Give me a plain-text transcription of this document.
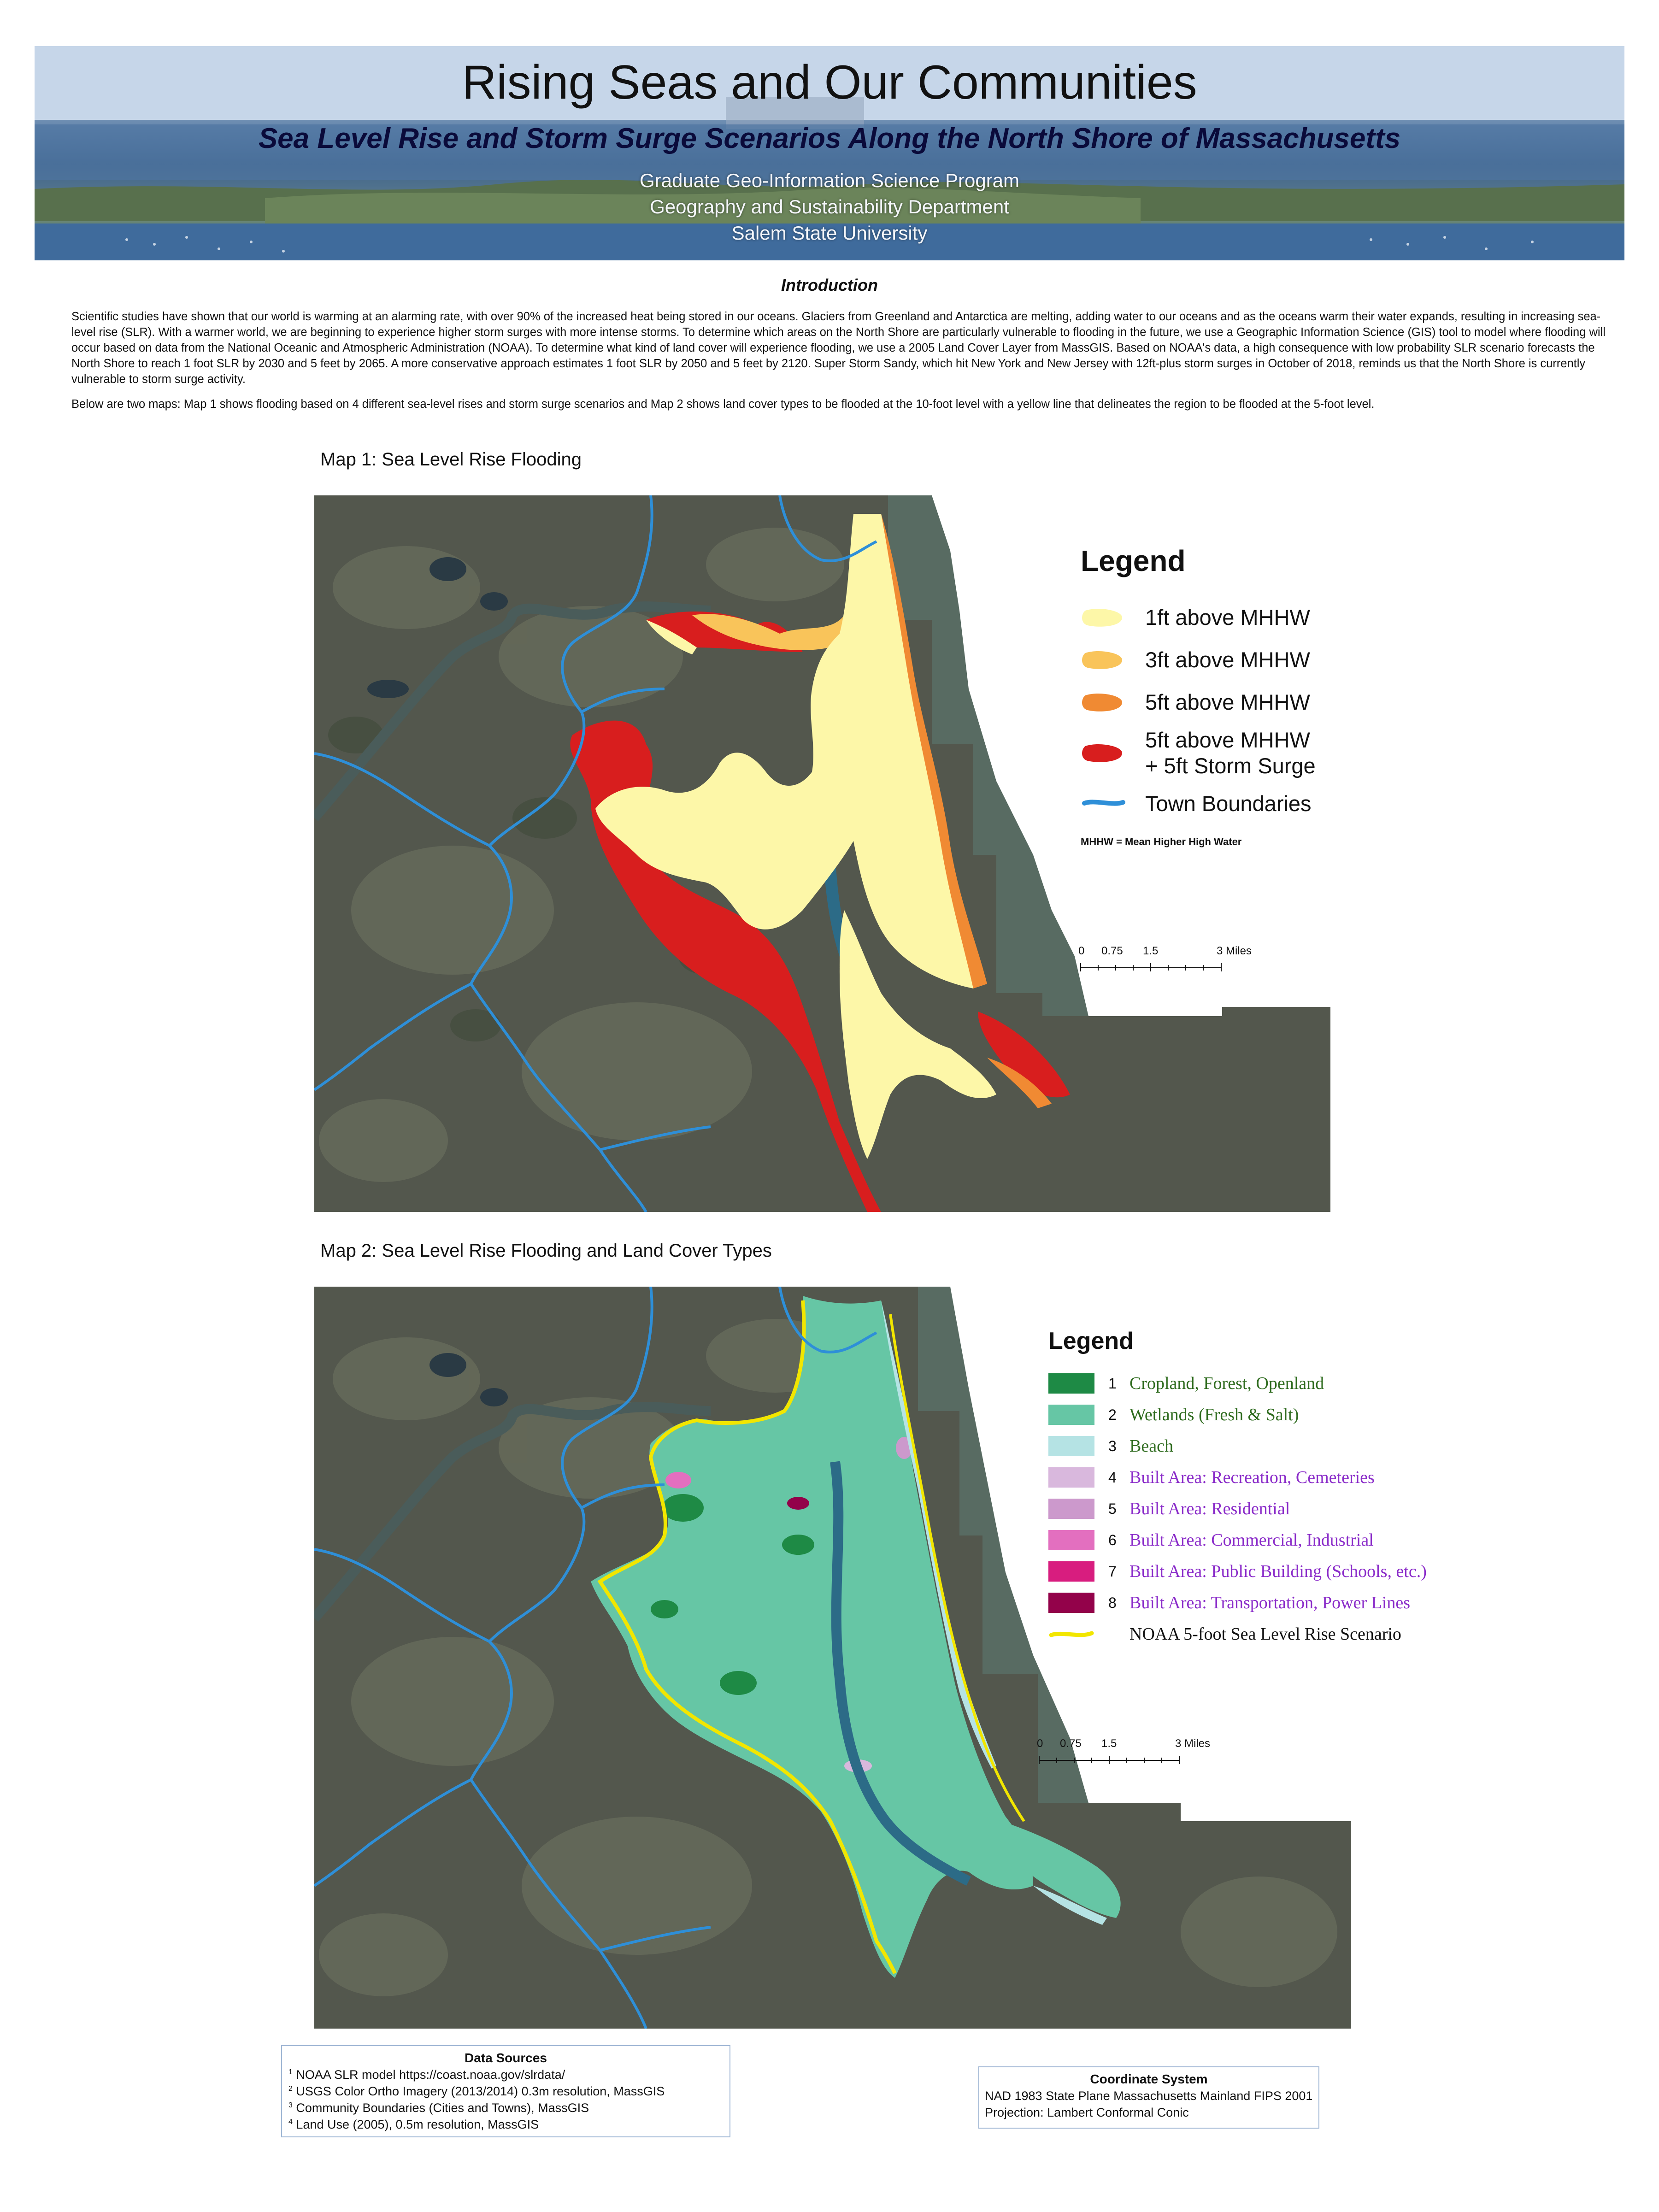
Rising Seas and Our Communities
Sea Level Rise and Storm Surge Scenarios Along the North Shore of Massachusetts
Graduate Geo-Information Science Program
Geography and Sustainability Department
Salem State University
Introduction

Scientific studies have shown that our world is warming at an alarming rate, with over 90% of the increased heat being stored in our oceans. Glaciers from Greenland and Antarctica are melting, adding water to our oceans and as the oceans warm their water expands, resulting in increasing sea-level rise (SLR). With a warmer world, we are beginning to experience higher storm surges with more intense storms. To determine which areas on the North Shore are particularly vulnerable to flooding in the future, we use a Geographic Information Science (GIS) tool to model where flooding will occur based on data from the National Oceanic and Atmospheric Administration (NOAA). To determine what kind of land cover will experience flooding, we use a 2005 Land Cover Layer from MassGIS. Based on NOAA's data, a high consequence with low probability SLR scenario forecasts the North Shore to reach 1 foot SLR by 2030 and 5 feet by 2065. A more conservative approach estimates 1 foot SLR by 2050 and 5 feet by 2120. Super Storm Sandy, which hit New York and New Jersey with 12ft-plus storm surges in October of 2018, reminds us that the North Shore is currently vulnerable to storm surge activity.

Below are two maps: Map 1 shows flooding based on 4 different sea-level rises and storm surge scenarios and Map 2 shows land cover types to be flooded at the 10-foot level with a yellow line that delineates the region to be flooded at the 5-foot level.

Map 1: Sea Level Rise Flooding
Legend
1ft above MHHW
3ft above MHHW
5ft above MHHW
5ft above MHHW
+ 5ft Storm Surge
Town Boundaries
MHHW = Mean Higher High Water
0 0.75 1.5	3 Miles
Map 2: Sea Level Rise Flooding and Land Cover Types
Legend
1 Cropland, Forest, Openland
2 Wetlands (Fresh & Salt)
3 Beach
4 Built Area: Recreation, Cemeteries
5 Built Area: Residential
6 Built Area: Commercial, Industrial
7 Built Area: Public Building (Schools, etc.)
8 Built Area: Transportation, Power Lines
NOAA 5-foot Sea Level Rise Scenario
0 0.75 1.5	3 Miles
Data Sources
$^1$ NOAA SLR model https://coast.noaa.gov/slrdata/
$^2$ USGS Color Ortho Imagery (2013/2014) 0.3m resolution, MassGIS
$^3$ Community Boundaries (Cities and Towns), MassGIS
$^4$ Land Use (2005), 0.5m resolution, MassGIS
Coordinate System
NAD 1983 State Plane Massachusetts Mainland FIPS 2001
Projection: Lambert Conformal Conic
